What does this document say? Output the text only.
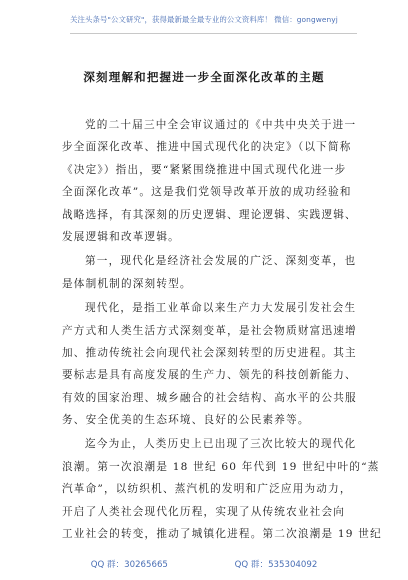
关注头条号"公文研究"，获得最新最全最专业的公文资料库！ 微信：gongwenyj
深刻理解和把握进一步全面深化改革的主题
党的二十届三中全会审议通过的《中共中央关于进一
步全面深化改革、推进中国式现代化的决定》（以下简称
《决定》）指出，要“紧紧围绕推进中国式现代化进一步
全面深化改革”。这是我们党领导改革开放的成功经验和
战略选择，有其深刻的历史逻辑、理论逻辑、实践逻辑、
发展逻辑和改革逻辑。
第一，现代化是经济社会发展的广泛、深刻变革，也
是体制机制的深刻转型。
现代化，是指工业革命以来生产力大发展引发社会生
产方式和人类生活方式深刻变革，是社会物质财富迅速增
加、推动传统社会向现代社会深刻转型的历史进程。其主
要标志是具有高度发展的生产力、领先的科技创新能力、
有效的国家治理、城乡融合的社会结构、高水平的公共服
务、安全优美的生态环境、良好的公民素养等。
迄今为止，人类历史上已出现了三次比较大的现代化
浪潮。第一次浪潮是 18 世纪 60 年代到 19 世纪中叶的“蒸
汽革命”，以纺织机、蒸汽机的发明和广泛应用为动力，
开启了人类社会现代化历程，实现了从传统农业社会向
工业社会的转变，推动了城镇化进程。第二次浪潮是 19 世纪
QQ 群：30265665	QQ 群：535304092
